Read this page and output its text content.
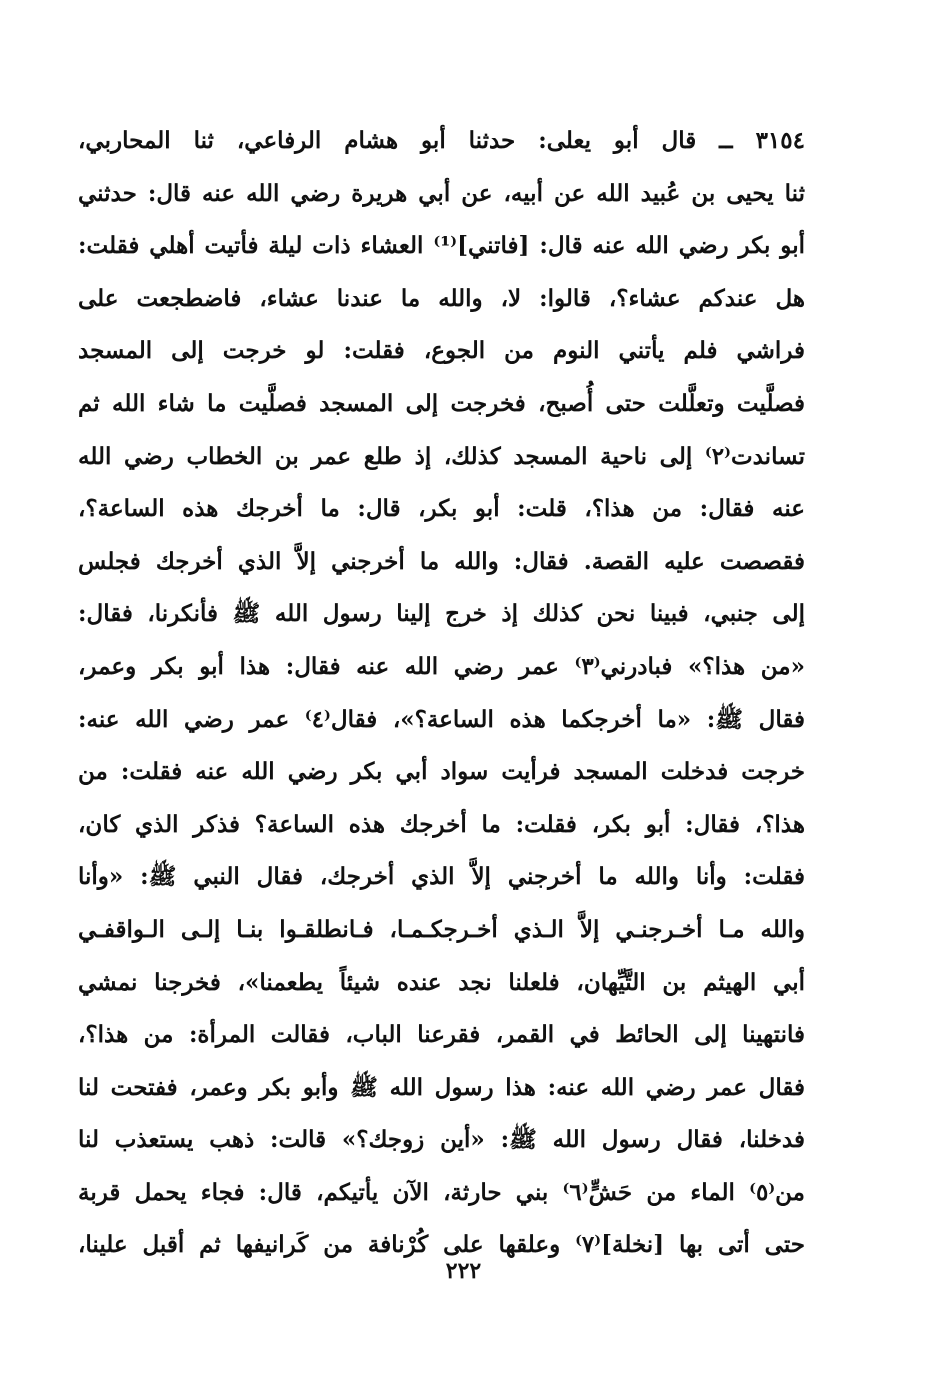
٣١٥٤ ــ قال أبو يعلى: حدثنا أبو هشام الرفاعي، ثنا المحاربي،
ثنا يحيى بن عُبيد الله عن أبيه، عن أبي هريرة رضي الله عنه قال: حدثني
أبو بكر رضي الله عنه قال: [فاتني]⁽¹⁾ العشاء ذات ليلة فأتيت أهلي فقلت:
هل عندكم عشاء؟، قالوا: لا، والله ما عندنا عشاء، فاضطجعت على
فراشي فلم يأتني النوم من الجوع، فقلت: لو خرجت إلى المسجد
فصلَّيت وتعلَّلت حتى أُصبح، فخرجت إلى المسجد فصلَّيت ما شاء الله ثم
تساندت⁽٢⁾ إلى ناحية المسجد كذلك، إذ طلع عمر بن الخطاب رضي الله
عنه فقال: من هذا؟، قلت: أبو بكر، قال: ما أخرجك هذه الساعة؟،
فقصصت عليه القصة. فقال: والله ما أخرجني إلاَّ الذي أخرجك فجلس
إلى جنبي، فبينا نحن كذلك إذ خرج إلينا رسول الله ﷺ فأنكرنا، فقال:
«من هذا؟» فبادرني⁽٣⁾ عمر رضي الله عنه فقال: هذا أبو بكر وعمر،
فقال ﷺ: «ما أخرجكما هذه الساعة؟»، فقال⁽٤⁾ عمر رضي الله عنه:
خرجت فدخلت المسجد فرأيت سواد أبي بكر رضي الله عنه فقلت: من
هذا؟، فقال: أبو بكر، فقلت: ما أخرجك هذه الساعة؟ فذكر الذي كان،
فقلت: وأنا والله ما أخرجني إلاَّ الذي أخرجك، فقال النبي ﷺ: «وأنا
والله مـا أخـرجنـي إلاَّ الـذي أخـرجكـمـا، فـانطلقـوا بنـا إلـى الـواقفـي
أبي الهيثم بن التَّيِّهان، فلعلنا نجد عنده شيئاً يطعمنا»، فخرجنا نمشي
فانتهينا إلى الحائط في القمر، فقرعنا الباب، فقالت المرأة: من هذا؟،
فقال عمر رضي الله عنه: هذا رسول الله ﷺ وأبو بكر وعمر، ففتحت لنا
فدخلنا، فقال رسول الله ﷺ: «أين زوجك؟» قالت: ذهب يستعذب لنا
من⁽٥⁾ الماء من حَشٍّ⁽٦⁾ بني حارثة، الآن يأتيكم، قال: فجاء يحمل قربة
حتى أتى بها [نخلة]⁽٧⁾ وعلقها على كُرْنافة من كَرانيفها ثم أقبل علينا،
٢٢٢
